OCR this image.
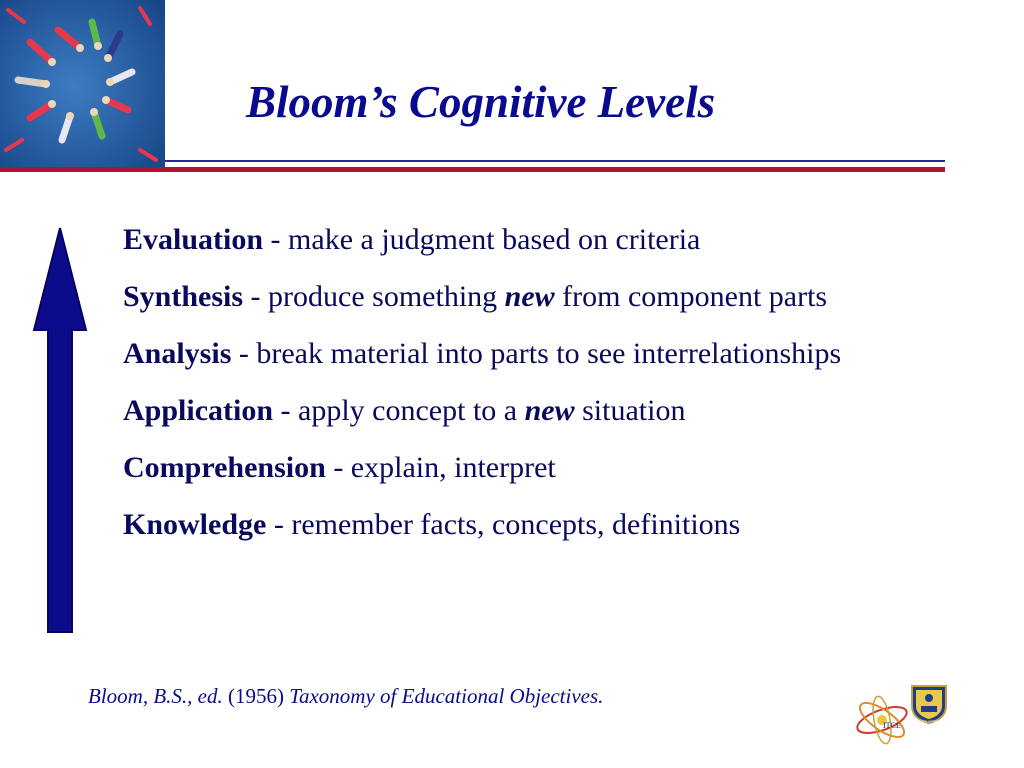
Bloom’s Cognitive Levels
Evaluation - make a judgment based on criteria
Synthesis - produce something new from component parts
Analysis - break material into parts to see interrelationships
Application - apply concept to a new situation
Comprehension - explain, interpret
Knowledge - remember facts, concepts, definitions
Bloom, B.S., ed. (1956) Taxonomy of Educational Objectives.
ITCE	University of Delaware
